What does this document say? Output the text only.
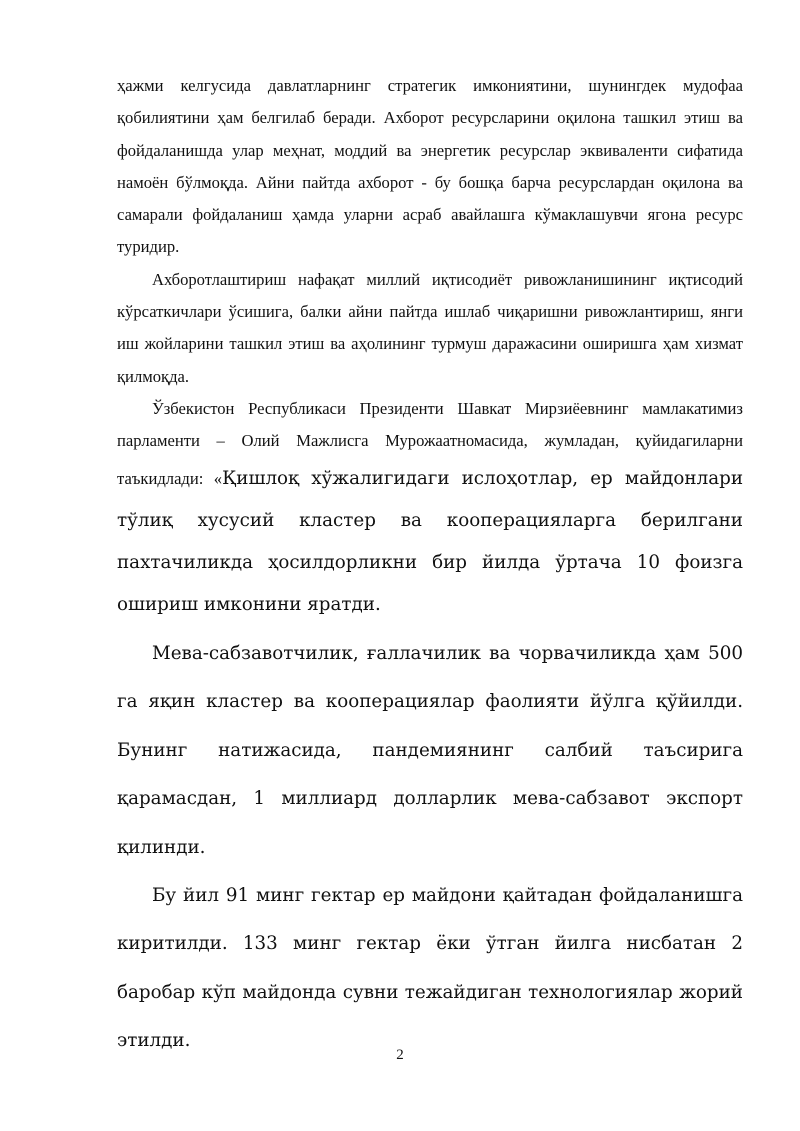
ҳажми келгусида давлатларнинг стратегик имкониятини, шунингдек мудофаа қобилиятини ҳам белгилаб беради. Ахборот ресурсларини оқилона ташкил этиш ва фойдаланишда улар меҳнат, моддий ва энергетик ресурслар эквиваленти сифатида намоён бўлмоқда. Айни пайтда ахборот - бу бошқа барча ресурслардан оқилона ва самарали фойдаланиш ҳамда уларни асраб авайлашга кўмаклашувчи ягона ресурс туридир.

Ахборотлаштириш нафақат миллий иқтисодиёт ривожланишининг иқтисодий кўрсаткичлари ўсишига, балки айни пайтда ишлаб чиқаришни ривожлантириш, янги иш жойларини ташкил этиш ва аҳолининг турмуш даражасини оширишга ҳам хизмат қилмоқда.

Ўзбекистон Республикаси Президенти Шавкат Мирзиёевнинг мамлакатимиз парламенти – Олий Мажлисга Мурожаатномасида, жумладан, қуйидагиларни таъкидлади: «Қишлоқ хўжалигидаги ислоҳотлар, ер майдонлари тўлиқ хусусий кластер ва кооперацияларга берилгани пахтачиликда ҳосилдорликни бир йилда ўртача 10 фоизга ошириш имконини яратди.

Мева-сабзавотчилик, ғаллачилик ва чорвачиликда ҳам 500 га яқин кластер ва кооперациялар фаолияти йўлга қўйилди. Бунинг натижасида, пандемиянинг салбий таъсирига қарамасдан, 1 миллиард долларлик мева-сабзавот экспорт қилинди.

Бу йил 91 минг гектар ер майдони қайтадан фойдаланишга киритилди. 133 минг гектар ёки ўтган йилга нисбатан 2 баробар кўп майдонда сувни тежайдиган технологиялар жорий этилди.

2
